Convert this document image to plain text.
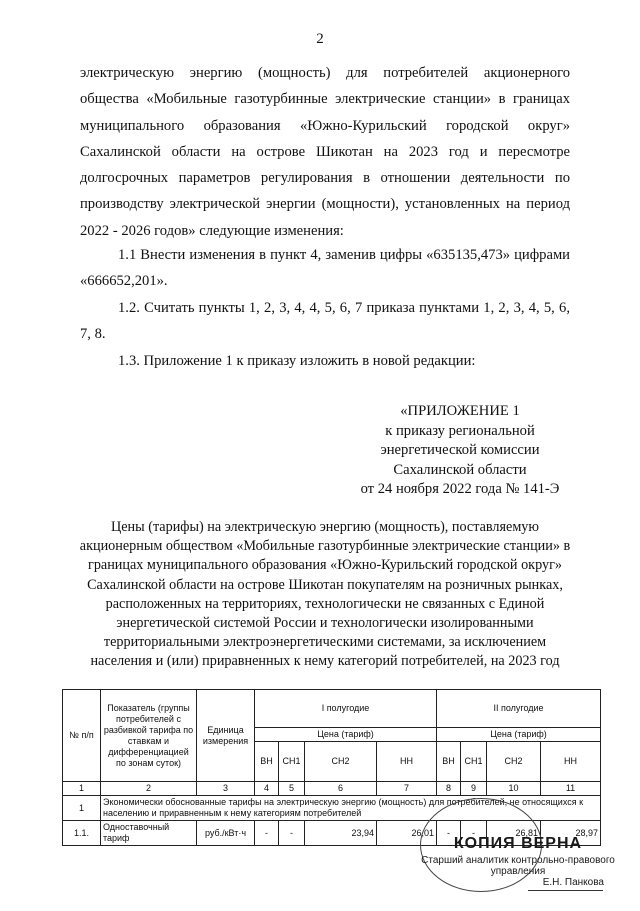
2
электрическую энергию (мощность) для потребителей акционерного общества «Мобильные газотурбинные электрические станции» в границах муниципального образования «Южно-Курильский городской округ» Сахалинской области на острове Шикотан на 2023 год и пересмотре долгосрочных параметров регулирования в отношении деятельности по производству электрической энергии (мощности), установленных на период 2022 - 2026 годов» следующие изменения:
1.1 Внести изменения в пункт 4, заменив цифры «635135,473» цифрами «666652,201».
1.2. Считать пункты 1, 2, 3, 4, 4, 5, 6, 7 приказа пунктами 1, 2, 3, 4, 5, 6, 7, 8.
1.3. Приложение 1 к приказу изложить в новой редакции:
«ПРИЛОЖЕНИЕ 1
к приказу региональной
энергетической комиссии
Сахалинской области
от 24 ноября 2022 года № 141-Э
Цены (тарифы) на электрическую энергию (мощность), поставляемую акционерным обществом «Мобильные газотурбинные электрические станции» в границах муниципального образования «Южно-Курильский городской округ» Сахалинской области на острове Шикотан покупателям на розничных рынках, расположенных на территориях, технологически не связанных с Единой энергетической системой России и технологически изолированными территориальными электроэнергетическими системами, за исключением населения и (или) приравненных к нему категорий потребителей, на 2023 год
№ п/п	Показатель (группы потребителей с разбивкой тарифа по ставкам и дифференциацией по зонам суток)	Единица измерения	I полугодие				II полугодие			
			Цена (тариф)				Цена (тариф)			
			ВН	СН1	СН2	НН	ВН	СН1	СН2	НН
1	2	3	4	5	6	7	8	9	10	11
1	Экономически обоснованные тарифы на электрическую энергию (мощность) для потребителей, не относящихся к населению и приравненным к нему категориям потребителей									
1.1.	Одноставочный тариф	руб./кВт·ч	-	-	23,94	26,01	-	-	26,81	28,97
КОПИЯ ВЕРНА
Старший аналитик контрольно-правового управления
Е.Н. Панкова
